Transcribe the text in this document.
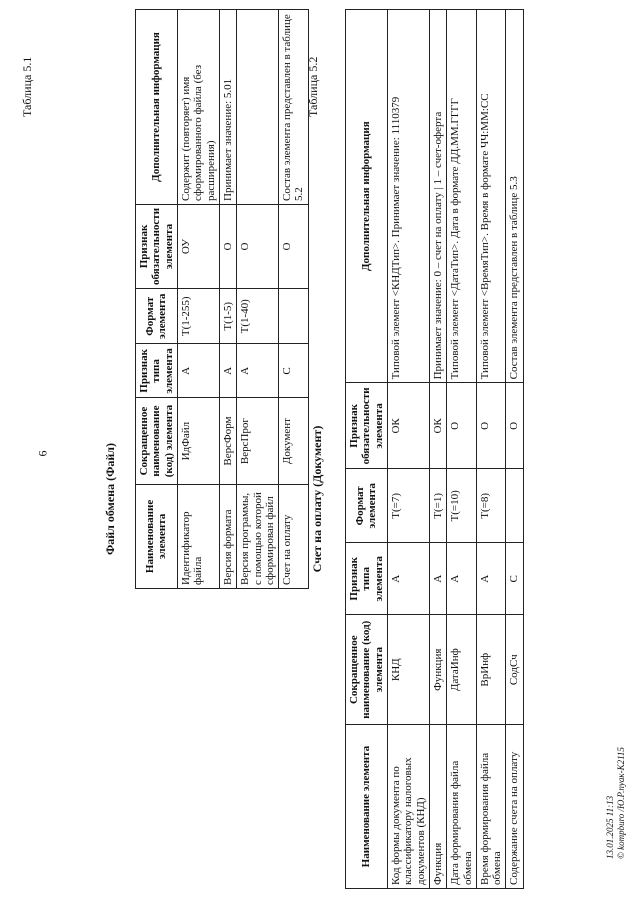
6
Таблица 5.1
Файл обмена (Файл) Наименование элемента	Сокращенное наименование (код) элемента	Признак типа элемента	Формат элемента	Признак обязательности элемента	Дополнительная информация
Идентификатор файла	ИдФайл	А	T(1-255)	ОУ	Содержит (повторяет) имя сформированного файла (без расширения)
Версия формата	ВерсФорм	А	T(1-5)	О	Принимает значение: 5.01
Версия программы, с помощью которой сформирован файл	ВерсПрог	А	T(1-40)	О	
Счет на оплату	Документ	С		О	Состав элемента представлен в таблице 5.2
Таблица 5.2
Счет на оплату (Документ)
Наименование элемента	Сокращенное наименование (код) элемента	Признак типа элемента	Формат элемента	Признак обязательности элемента	Дополнительная информация
Код формы документа по классификатору налоговых документов (КНД)	КНД	А	T(=7)	ОК	Типовой элемент <КНДТип>. Принимает значение: 1110379
Функция	Функция	А	T(=1)	ОК	Принимает значение: 0 – счет на оплату | 1 – счет-оферта
Дата формирования файла обмена	ДатаИнф	А	T(=10)	О	Типовой элемент <ДатаТип>. Дата в формате ДД.ММ.ГГГГ
Время формирования файла обмена	ВрИнф	А	T(=8)	О	Типовой элемент <ВремяТип>. Время в формате ЧЧ:ММ:СС
Содержание счета на оплату	СодСч	С		О	Состав элемента представлен в таблице 5.3
13.01.2025 11:13 © kompburo /Ю.Р.пуак-К2115
